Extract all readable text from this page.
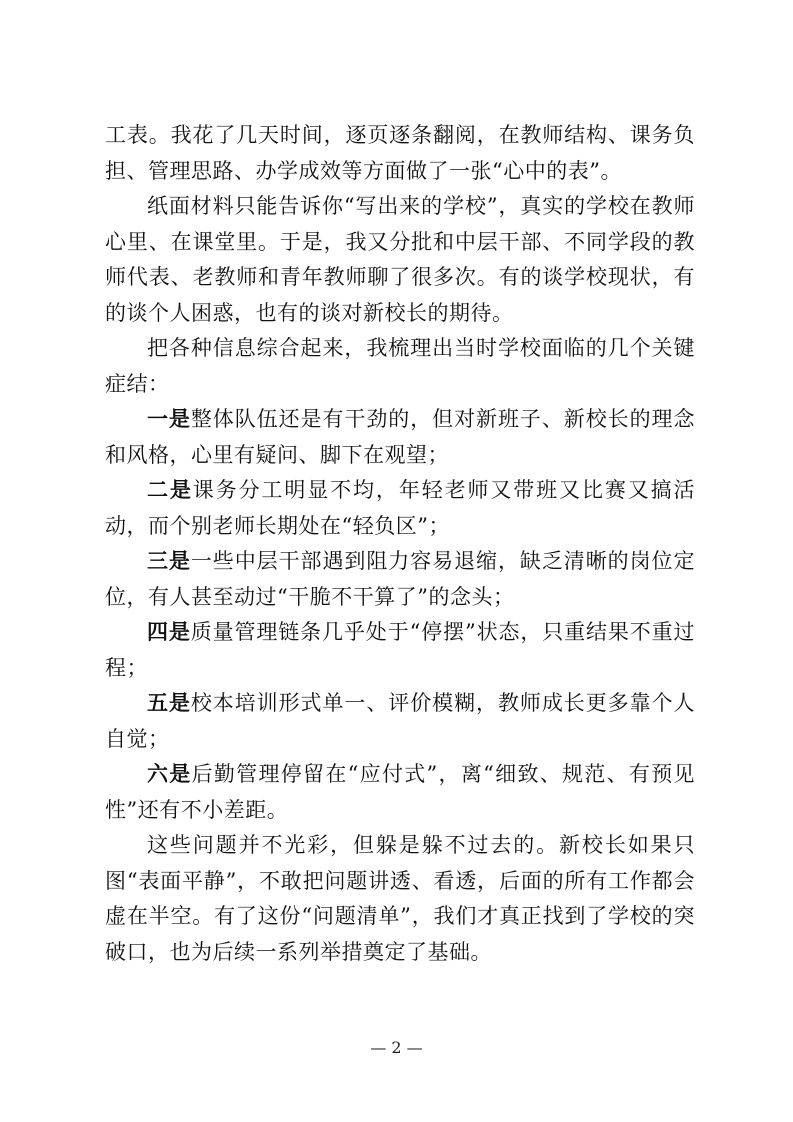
工表。我花了几天时间，逐页逐条翻阅，在教师结构、课务负担、管理思路、办学成效等方面做了一张“心中的表”。

纸面材料只能告诉你“写出来的学校”，真实的学校在教师心里、在课堂里。于是，我又分批和中层干部、不同学段的教师代表、老教师和青年教师聊了很多次。有的谈学校现状，有的谈个人困惑，也有的谈对新校长的期待。

把各种信息综合起来，我梳理出当时学校面临的几个关键症结：

一是整体队伍还是有干劲的，但对新班子、新校长的理念和风格，心里有疑问、脚下在观望；

二是课务分工明显不均，年轻老师又带班又比赛又搞活动，而个别老师长期处在“轻负区”；

三是一些中层干部遇到阻力容易退缩，缺乏清晰的岗位定位，有人甚至动过“干脆不干算了”的念头；

四是质量管理链条几乎处于“停摆”状态，只重结果不重过程；

五是校本培训形式单一、评价模糊，教师成长更多靠个人自觉；

六是后勤管理停留在“应付式”，离“细致、规范、有预见性”还有不小差距。

这些问题并不光彩，但躲是躲不过去的。新校长如果只图“表面平静”，不敢把问题讲透、看透，后面的所有工作都会虚在半空。有了这份“问题清单”，我们才真正找到了学校的突破口，也为后续一系列举措奠定了基础。

— 2 —
